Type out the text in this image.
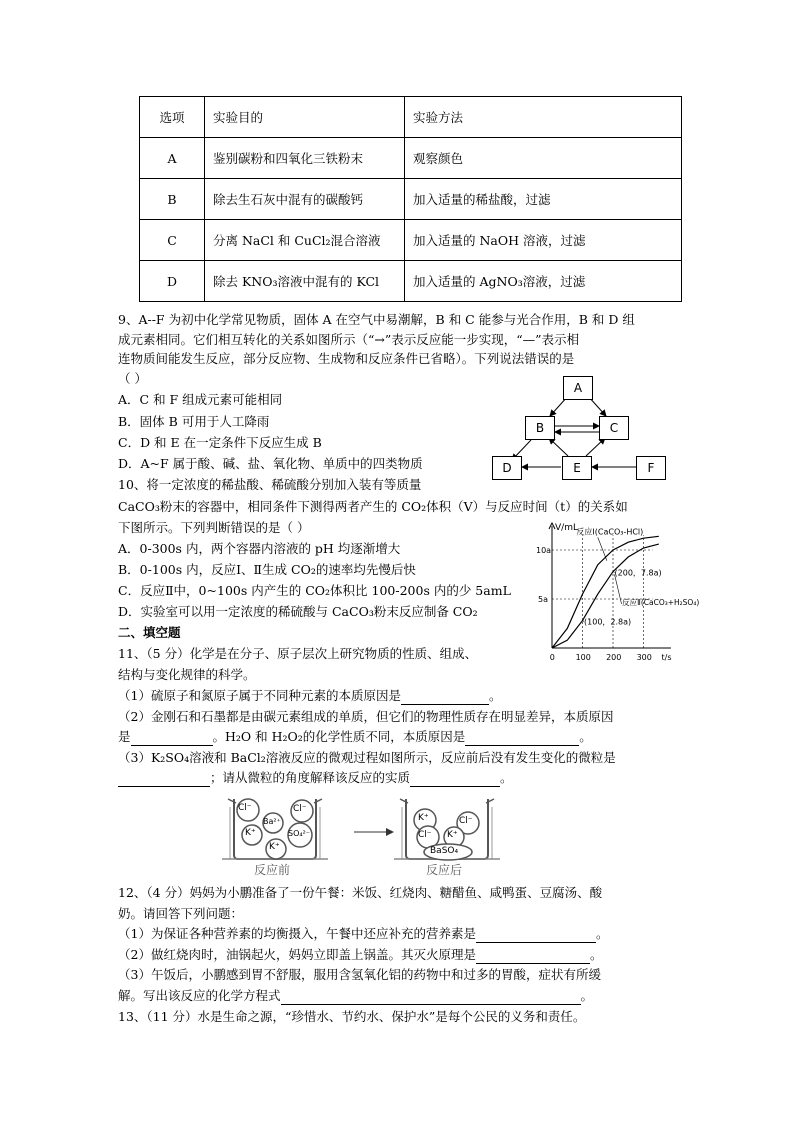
选项	实验目的	实验方法
A	鉴别碳粉和四氧化三铁粉末	观察颜色
B	除去生石灰中混有的碳酸钙	加入适量的稀盐酸，过滤
C	分离 NaCl 和 CuCl₂混合溶液	加入适量的 NaOH 溶液，过滤
D	除去 KNO₃溶液中混有的 KCl	加入适量的 AgNO₃溶液，过滤
9、A--F 为初中化学常见物质，固体 A 在空气中易潮解，B 和 C 能参与光合作用，B 和 D 组
成元素相同。它们相互转化的关系如图所示（“→”表示反应能一步实现，“—”表示相
连物质间能发生反应，部分反应物、生成物和反应条件已省略）。下列说法错误的是
（ ）
A．C 和 F 组成元素可能相同
B．固体 B 可用于人工降雨
C．D 和 E 在一定条件下反应生成 B
D．A~F 属于酸、碱、盐、氧化物、单质中的四类物质
A
B	C
D	E	F
10、将一定浓度的稀盐酸、稀硫酸分别加入装有等质量
CaCO₃粉末的容器中，相同条件下测得两者产生的 CO₂体积（V）与反应时间（t）的关系如
下图所示。下列判断错误的是（ ）
A．0-300s 内，两个容器内溶液的 pH 均逐渐增大
B．0-100s 内，反应Ⅰ、Ⅱ生成 CO₂的速率均先慢后快
C．反应Ⅱ中，0~100s 内产生的 CO₂体积比 100-200s 内的少 5amL
D．实验室可以用一定浓度的稀硫酸与 CaCO₃粉末反应制备 CO₂
0	100 200 300
5a
10a
V/mL
t/s
反应Ⅰ(CaCO₃-HCl)
反应Ⅱ(CaCO₃+H₂SO₄)
(200，7.8a)
(100，2.8a)
二、填空题
11、（5 分）化学是在分子、原子层次上研究物质的性质、组成、
结构与变化规律的科学。
（1）硫原子和氮原子属于不同种元素的本质原因是	。
（2）金刚石和石墨都是由碳元素组成的单质，但它们的物理性质存在明显差异，本质原因
是	。H₂O 和 H₂O₂的化学性质不同，本质原因是	。
（3）K₂SO₄溶液和 BaCl₂溶液反应的微观过程如图所示，反应前后没有发生变化的微粒是
；请从微粒的角度解释该反应的实质	。
Cl⁻	Cl⁻
Ba²⁺
K⁺	SO₄²⁻
K⁺
K⁺	Cl⁻
Cl⁻ K⁺
BaSO₄
反应前	反应后
12、（4 分）妈妈为小鹏准备了一份午餐：米饭、红烧肉、糖醋鱼、咸鸭蛋、豆腐汤、酸
奶。请回答下列问题：
（1）为保证各种营养素的均衡摄入，午餐中还应补充的营养素是	。
（2）做红烧肉时，油锅起火，妈妈立即盖上锅盖。其灭火原理是	。
（3）午饭后，小鹏感到胃不舒服，服用含氢氧化铝的药物中和过多的胃酸，症状有所缓
解。写出该反应的化学方程式	。
13、（11 分）水是生命之源，“珍惜水、节约水、保护水”是每个公民的义务和责任。
